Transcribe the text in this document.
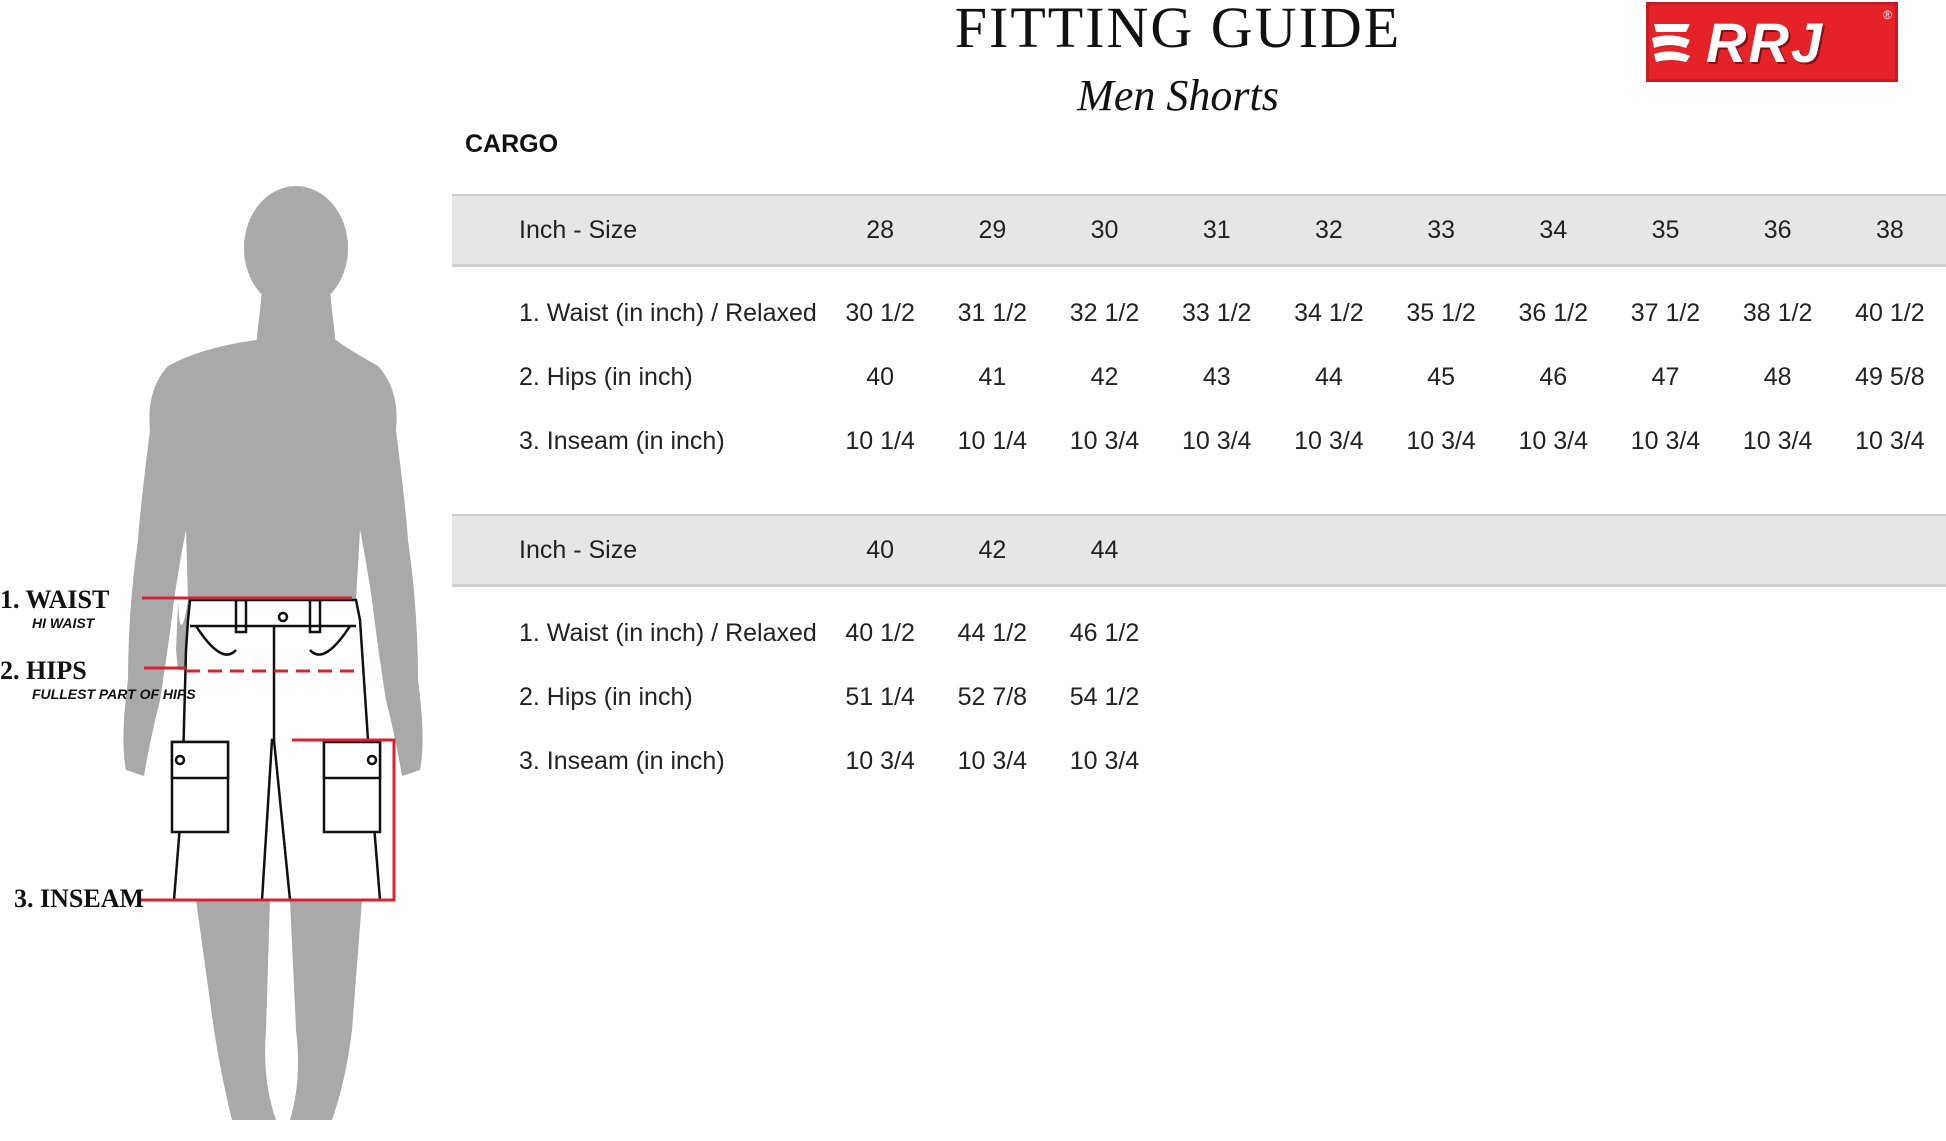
FITTING GUIDE
Men Shorts
RRJ	®
CARGO
Inch - Size	28	29	30	31	32	33	34	35	36	38

1. Waist (in inch) / Relaxed	30 1/2	31 1/2	32 1/2	33 1/2	34 1/2	35 1/2	36 1/2	37 1/2	38 1/2	40 1/2
2. Hips (in inch)	40	41	42	43	44	45	46	47	48	49 5/8
3. Inseam (in inch)	10 1/4	10 1/4	10 3/4	10 3/4	10 3/4	10 3/4	10 3/4	10 3/4	10 3/4	10 3/4
Inch - Size	40	42	44							

1. Waist (in inch) / Relaxed	40 1/2	44 1/2	46 1/2							
2. Hips (in inch)	51 1/4	52 7/8	54 1/2							
3. Inseam (in inch)	10 3/4	10 3/4	10 3/4							
1. WAIST
HI WAIST
2. HIPS
FULLEST PART OF HIPS
3. INSEAM
